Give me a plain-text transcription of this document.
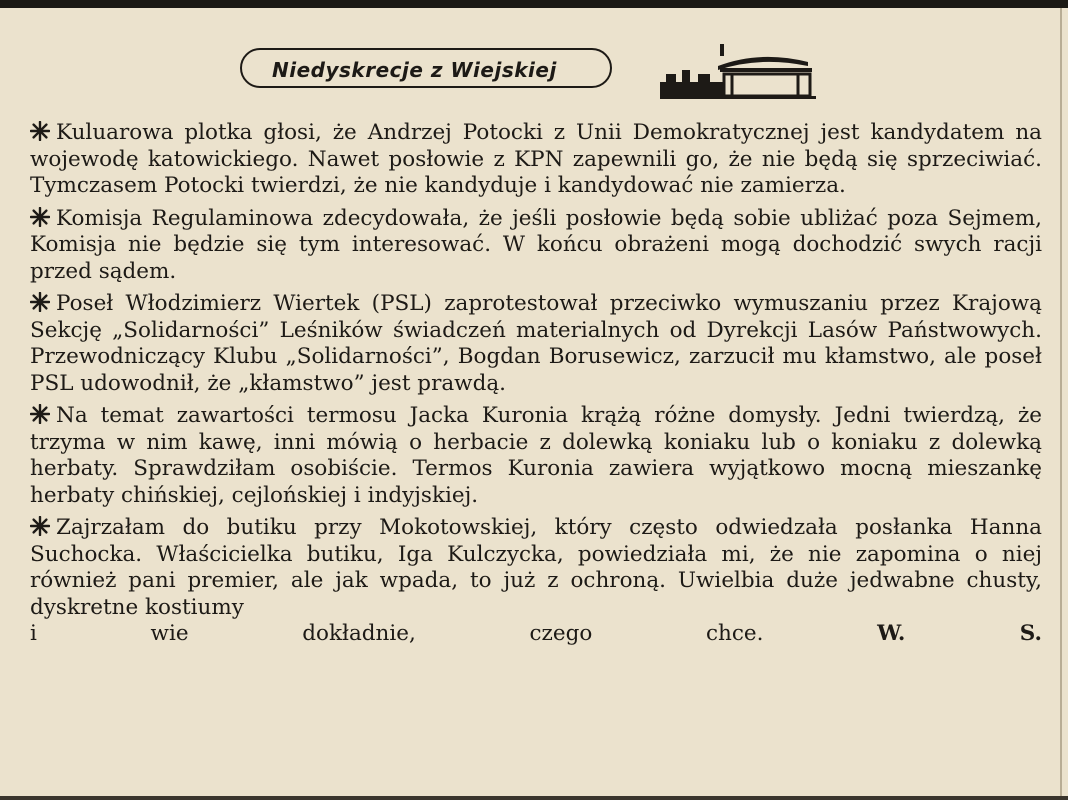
Niedyskrecje z Wiejskiej

Kuluarowa plotka głosi, że Andrzej Potocki z Unii Demokratycznej jest kandydatem na wojewodę katowickiego. Nawet posłowie z KPN zapewnili go, że nie będą się sprzeciwiać. Tymczasem Potocki twierdzi, że nie kandyduje i kandydować nie zamierza.

Komisja Regulaminowa zdecydowała, że jeśli posłowie będą sobie ubliżać poza Sejmem, Komisja nie będzie się tym interesować. W końcu obrażeni mogą dochodzić swych racji przed sądem.

Poseł Włodzimierz Wiertek (PSL) zaprotestował przeciwko wymuszaniu przez Krajową Sekcję „Solidarności” Leśników świadczeń materialnych od Dyrekcji Lasów Państwowych. Przewodniczący Klubu „Solidarności”, Bogdan Borusewicz, zarzucił mu kłamstwo, ale poseł PSL udowodnił, że „kłamstwo” jest prawdą.

Na temat zawartości termosu Jacka Kuronia krążą różne domysły. Jedni twierdzą, że trzyma w nim kawę, inni mówią o herbacie z dolewką koniaku lub o koniaku z dolewką herbaty. Sprawdziłam osobiście. Termos Kuronia zawiera wyjątkowo mocną mieszankę herbaty chińskiej, cejlońskiej i indyjskiej.

Zajrzałam do butiku przy Mokotowskiej, który często odwiedzała posłanka Hanna Suchocka. Właścicielka butiku, Iga Kulczycka, powiedziała mi, że nie zapomina o niej również pani premier, ale jak wpada, to już z ochroną. Uwielbia duże jedwabne chusty, dyskretne kostiumy
i wie dokładnie, czego chce.	W. S.
